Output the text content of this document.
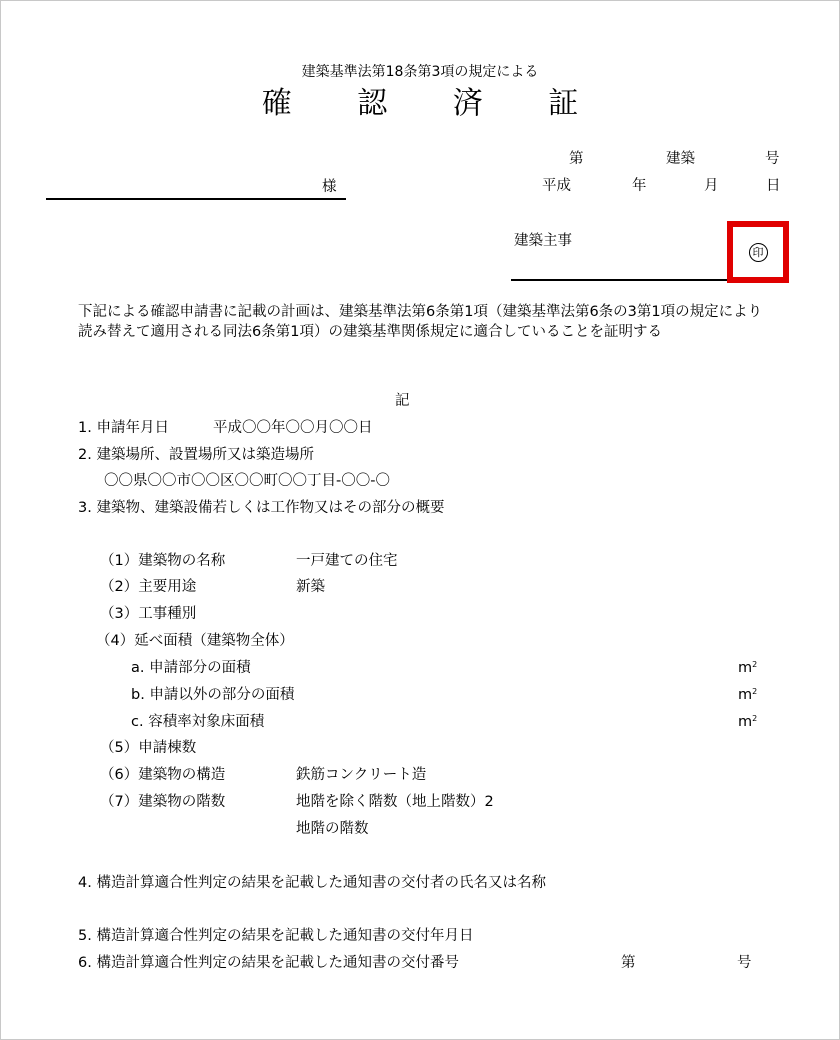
建築基準法第18条第3項の規定による
確 認 済 証
第	建築	号
様	平成	年	月	日
建築主事
印
下記による確認申請書に記載の計画は、建築基準法第6条第1項（建築基準法第6条の3第1項の規定により読み替えて適用される同法6条第1項）の建築基準関係規定に適合していることを証明する
記
1. 申請年月日	平成〇〇年〇〇月〇〇日
2. 建築場所、設置場所又は築造場所
〇〇県〇〇市〇〇区〇〇町〇〇丁目-〇〇-〇
3. 建築物、建築設備若しくは工作物又はその部分の概要
（1）建築物の名称	一戸建ての住宅
（2）主要用途	新築
（3）工事種別
（4）延べ面積（建築物全体）
a. 申請部分の面積	$m^2$
b. 申請以外の部分の面積	$m^2$
c. 容積率対象床面積	$m^2$
（5）申請棟数
（6）建築物の構造	鉄筋コンクリート造
（7）建築物の階数	地階を除く階数（地上階数）2
地階の階数
4. 構造計算適合性判定の結果を記載した通知書の交付者の氏名又は名称
5. 構造計算適合性判定の結果を記載した通知書の交付年月日
6. 構造計算適合性判定の結果を記載した通知書の交付番号	第	号
